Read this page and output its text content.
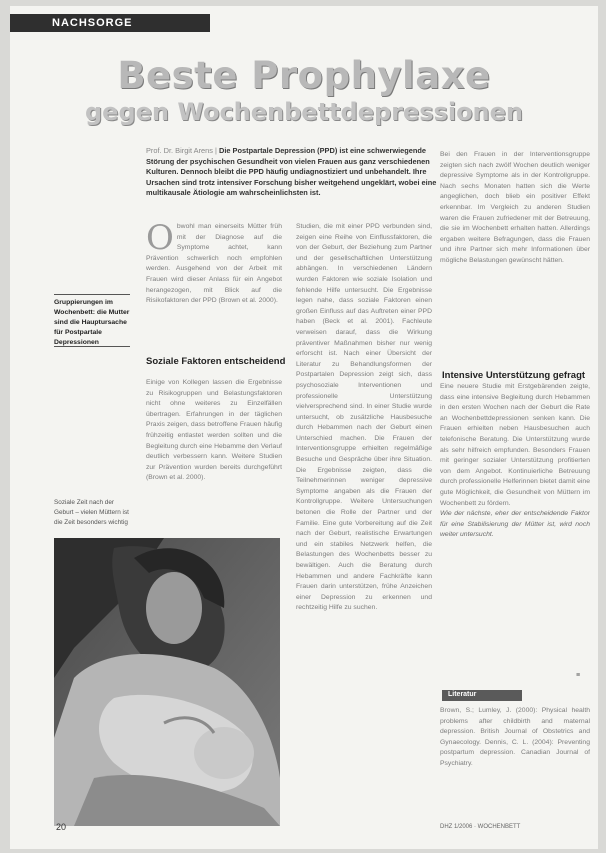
NACHSORGE
Beste Prophylaxe
gegen Wochenbettdepressionen
Prof. Dr. Birgit Arens | Die Postpartale Depression (PPD) ist eine schwerwiegende Störung der psychischen Gesundheit von vielen Frauen aus ganz verschiedenen Kulturen. Dennoch bleibt die PPD häufig undiagnostiziert und unbehandelt. Ihre Ursachen sind trotz intensiver Forschung bisher weitgehend ungeklärt, wobei eine multikausale Ätiologie am wahrscheinlichsten ist.
O bwohl man einerseits Mütter früh mit der Diagnose auf die Symptome achtet, kann Prävention schwerlich noch empfohlen werden. Ausgehend von der Arbeit mit Frauen wird dieser Anlass für ein Angebot herangezogen, mit Blick auf die Risikofaktoren der PPD (Brown et al. 2000).
Soziale Faktoren entscheidend

Einige von Kollegen lassen die Ergebnisse zu Risikogruppen und Belastungsfaktoren nicht ohne weiteres zu Einzelfällen übertragen. Erfahrungen in der täglichen Praxis zeigen, dass betroffene Frauen häufig frühzeitig entlastet werden sollten und die Begleitung durch eine Hebamme den Verlauf deutlich verbessern kann. Weitere Studien zur Prävention wurden bereits durchgeführt (Brown et al. 2000).

Gruppierungen im Wochenbett: die Mutter sind die Hauptursache für Postpartale Depressionen
Soziale Zeit nach der Geburt – vielen Müttern ist die Zeit besonders wichtig

Studien, die mit einer PPD verbunden sind, zeigen eine Reihe von Einflussfaktoren, die von der Geburt, der Beziehung zum Partner und der gesellschaftlichen Unterstützung abhängen. In verschiedenen Ländern wurden Faktoren wie soziale Isolation und fehlende Hilfe untersucht. Die Ergebnisse legen nahe, dass soziale Faktoren einen großen Einfluss auf das Auftreten einer PPD haben (Beck et al. 2001). Fachleute verweisen darauf, dass die Wirkung präventiver Maßnahmen bisher nur wenig erforscht ist. Nach einer Übersicht der Literatur zu Behandlungsformen der Postpartalen Depression zeigt sich, dass psychosoziale Interventionen und professionelle Unterstützung vielversprechend sind. In einer Studie wurde untersucht, ob zusätzliche Hausbesuche durch Hebammen nach der Geburt einen Unterschied machen. Die Frauen der Interventionsgruppe erhielten regelmäßige Besuche und Gespräche über ihre Situation. Die Ergebnisse zeigten, dass die Teilnehmerinnen weniger depressive Symptome angaben als die Frauen der Kontrollgruppe. Weitere Untersuchungen betonen die Rolle der Partner und der Familie. Eine gute Vorbereitung auf die Zeit nach der Geburt, realistische Erwartungen und ein stabiles Netzwerk helfen, die Belastungen des Wochenbetts besser zu bewältigen. Auch die Beratung durch Hebammen und andere Fachkräfte kann Frauen darin unterstützen, frühe Anzeichen einer Depression zu erkennen und rechtzeitig Hilfe zu suchen.

Bei den Frauen in der Interventionsgruppe zeigten sich nach zwölf Wochen deutlich weniger depressive Symptome als in der Kontrollgruppe. Nach sechs Monaten hatten sich die Werte angeglichen, doch blieb ein positiver Effekt erkennbar. Im Vergleich zu anderen Studien waren die Frauen zufriedener mit der Betreuung, die sie im Wochenbett erhalten hatten. Allerdings ergaben weitere Befragungen, dass die Frauen und ihre Partner sich mehr Informationen über mögliche Belastungen gewünscht hätten.

Intensive Unterstützung gefragt

Eine neuere Studie mit Erstgebärenden zeigte, dass eine intensive Begleitung durch Hebammen in den ersten Wochen nach der Geburt die Rate an Wochenbettdepressionen senken kann. Die Frauen erhielten neben Hausbesuchen auch telefonische Beratung. Die Unterstützung wurde als sehr hilfreich empfunden. Besonders Frauen mit geringer sozialer Unterstützung profitierten von dem Angebot. Kontinuierliche Betreuung durch professionelle Helferinnen bietet damit eine gute Möglichkeit, die Gesundheit von Müttern im Wochenbett zu fördern.

Wie der nächste, eher der entscheidende Faktor für eine Stabilisierung der Mütter ist, wird noch weiter untersucht.

≡
Literatur

Brown, S.; Lumley, J. (2000): Physical health problems after childbirth and maternal depression. British Journal of Obstetrics and Gynaecology. Dennis, C. L. (2004): Preventing postpartum depression. Canadian Journal of Psychiatry.

20	DHZ 1/2006 · WOCHENBETT
